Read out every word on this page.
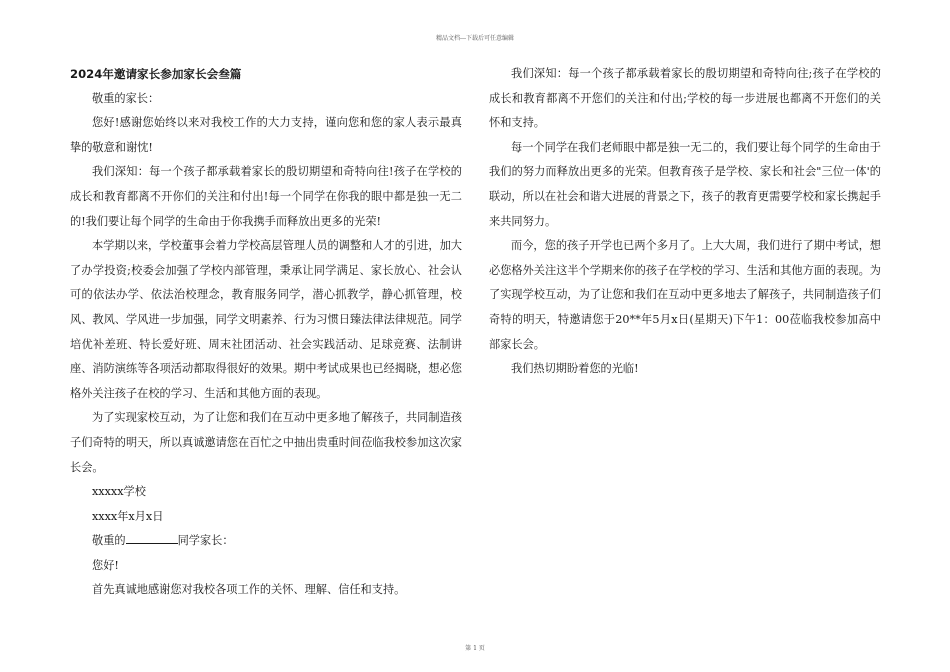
精品文档---下载后可任意编辑

2024年邀请家长参加家长会叁篇

敬重的家长：

您好!感谢您始终以来对我校工作的大力支持，谨向您和您的家人表示最真挚的敬意和谢忱!

我们深知：每一个孩子都承载着家长的殷切期望和奇特向往!孩子在学校的成长和教育都离不开你们的关注和付出!每一个同学在你我的眼中都是独一无二的!我们要让每个同学的生命由于你我携手而释放出更多的光荣!

本学期以来，学校董事会着力学校高层管理人员的调整和人才的引进，加大了办学投资;校委会加强了学校内部管理，秉承让同学满足、家长放心、社会认可的依法办学、依法治校理念，教育服务同学，潜心抓教学，静心抓管理，校风、教风、学风进一步加强，同学文明素养、行为习惯日臻法律法律规范。同学培优补差班、特长爱好班、周末社团活动、社会实践活动、足球竞赛、法制讲座、消防演练等各项活动都取得很好的效果。期中考试成果也已经揭晓，想必您格外关注孩子在校的学习、生活和其他方面的表现。

为了实现家校互动，为了让您和我们在互动中更多地了解孩子，共同制造孩子们奇特的明天，所以真诚邀请您在百忙之中抽出贵重时间莅临我校参加这次家长会。

xxxxx学校

xxxx年x月x日

敬重的	同学家长：

您好!

首先真诚地感谢您对我校各项工作的关怀、理解、信任和支持。

我们深知：每一个孩子都承载着家长的殷切期望和奇特向往;孩子在学校的成长和教育都离不开您们的关注和付出;学校的每一步进展也都离不开您们的关怀和支持。

每一个同学在我们老师眼中都是独一无二的，我们要让每个同学的生命由于我们的努力而释放出更多的光荣。但教育孩子是学校、家长和社会"三位一体'的联动，所以在社会和谐大进展的背景之下，孩子的教育更需要学校和家长携起手来共同努力。

而今，您的孩子开学也已两个多月了。上大大周，我们进行了期中考试，想必您格外关注这半个学期来你的孩子在学校的学习、生活和其他方面的表现。为了实现学校互动，为了让您和我们在互动中更多地去了解孩子，共同制造孩子们奇特的明天，特邀请您于20**年5月x日(星期天)下午1：00莅临我校参加高中部家长会。

我们热切期盼着您的光临!

第 1 页
